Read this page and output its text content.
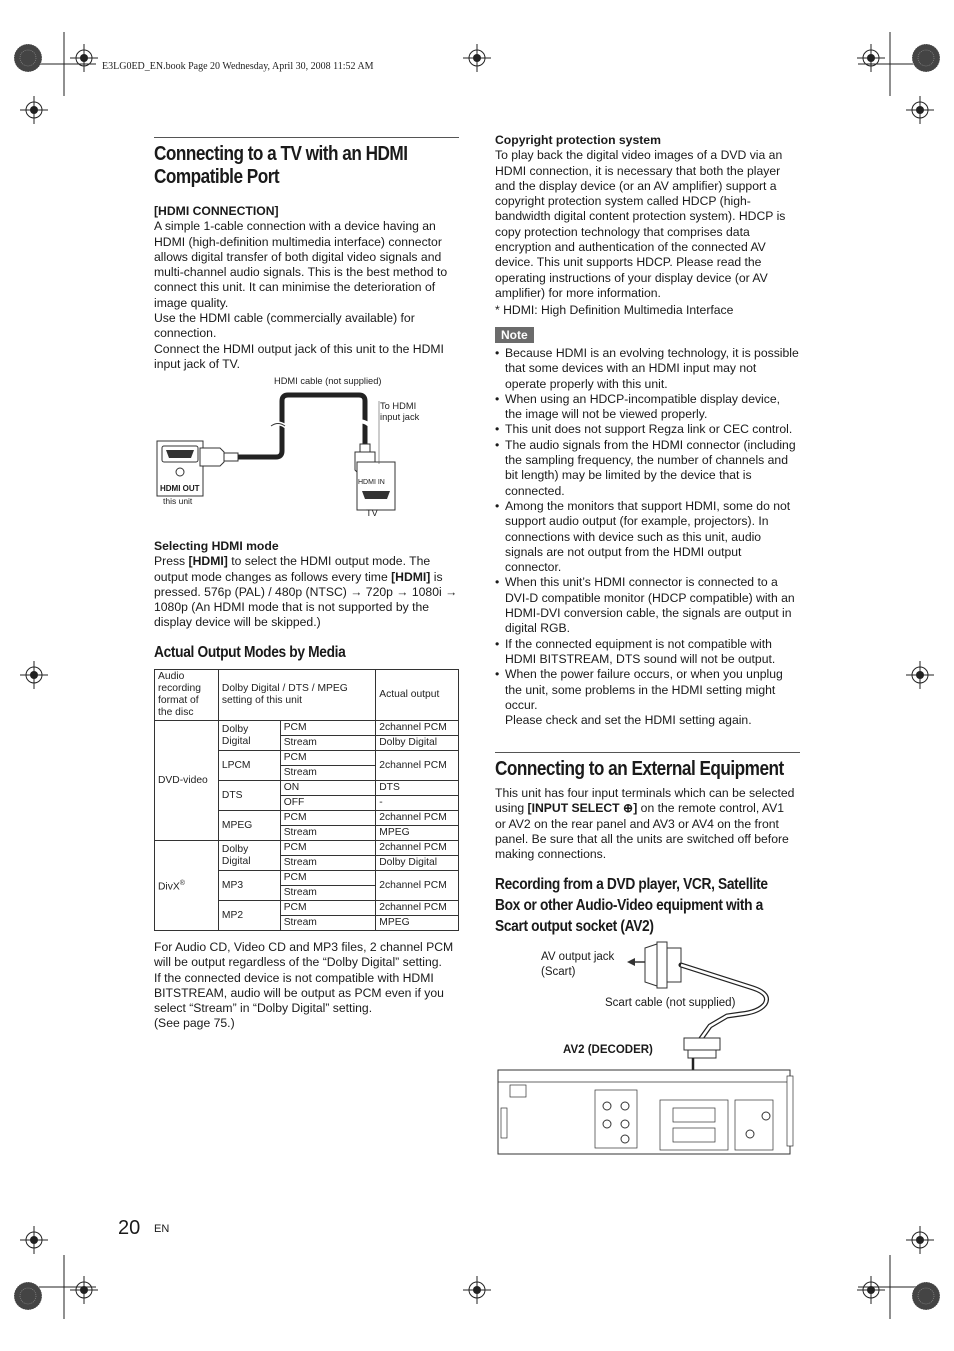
E3LG0ED_EN.book Page 20 Wednesday, April 30, 2008 11:52 AM
Connecting to a TV with an HDMI
Compatible Port
[HDMI CONNECTION]
A simple 1-cable connection with a device having an HDMI (high-definition multimedia interface) connector allows digital transfer of both digital video signals and multi-channel audio signals. This is the best method to connect this unit. It can minimise the deterioration of image quality.
Use the HDMI cable (commercially available) for connection.
Connect the HDMI output jack of this unit to the HDMI input jack of TV.
HDMI cable (not supplied)
To HDMI
input jack
HDMI OUT
this unit
HDMI IN
TV
Selecting HDMI mode
Press [HDMI] to select the HDMI output mode. The output mode changes as follows every time [HDMI] is pressed. 576p (PAL) / 480p (NTSC) → 720p → 1080i → 1080p (An HDMI mode that is not supported by the display device will be skipped.)
Actual Output Modes by Media
Audio recording format of the disc	Dolby Digital / DTS / MPEG setting of this unit		Actual output
DVD-video	Dolby Digital	PCM	2channel PCM
		Stream	Dolby Digital
	LPCM	PCM	2channel PCM
		Stream	
	DTS	ON	DTS
		OFF	-
	MPEG	PCM	2channel PCM
		Stream	MPEG
DivX®	Dolby Digital	PCM	2channel PCM
		Stream	Dolby Digital
	MP3	PCM	2channel PCM
		Stream	
	MP2	PCM	2channel PCM
		Stream	MPEG
For Audio CD, Video CD and MP3 files, 2 channel PCM will be output regardless of the “Dolby Digital” setting.
If the connected device is not compatible with HDMI BITSTREAM, audio will be output as PCM even if you select “Stream” in “Dolby Digital” setting.
(See page 75.)
Copyright protection system
To play back the digital video images of a DVD via an HDMI connection, it is necessary that both the player and the display device (or an AV amplifier) support a copyright protection system called HDCP (high-bandwidth digital content protection system). HDCP is copy protection technology that comprises data encryption and authentication of the connected AV device. This unit supports HDCP. Please read the operating instructions of your display device (or AV amplifier) for more information.
* HDMI: High Definition Multimedia Interface
Note
• Because HDMI is an evolving technology, it is possible that some devices with an HDMI input may not operate properly with this unit.
• When using an HDCP-incompatible display device, the image will not be viewed properly.
• This unit does not support Regza link or CEC control.
• The audio signals from the HDMI connector (including the sampling frequency, the number of channels and bit length) may be limited by the device that is connected.
• Among the monitors that support HDMI, some do not support audio output (for example, projectors). In connections with device such as this unit, audio signals are not output from the HDMI output connector.
• When this unit’s HDMI connector is connected to a DVI-D compatible monitor (HDCP compatible) with an HDMI-DVI conversion cable, the signals are output in digital RGB.
• If the connected equipment is not compatible with HDMI BITSTREAM, DTS sound will not be output.
• When the power failure occurs, or when you unplug the unit, some problems in the HDMI setting might occur.
Please check and set the HDMI setting again.
Connecting to an External Equipment
This unit has four input terminals which can be selected using [INPUT SELECT ⊕] on the remote control, AV1 or AV2 on the rear panel and AV3 or AV4 on the front panel. Be sure that all the units are switched off before making connections.
Recording from a DVD player, VCR, Satellite
Box or other Audio-Video equipment with a
Scart output socket (AV2)
AV output jack
(Scart)
Scart cable (not supplied)
AV2 (DECODER)
20 EN
